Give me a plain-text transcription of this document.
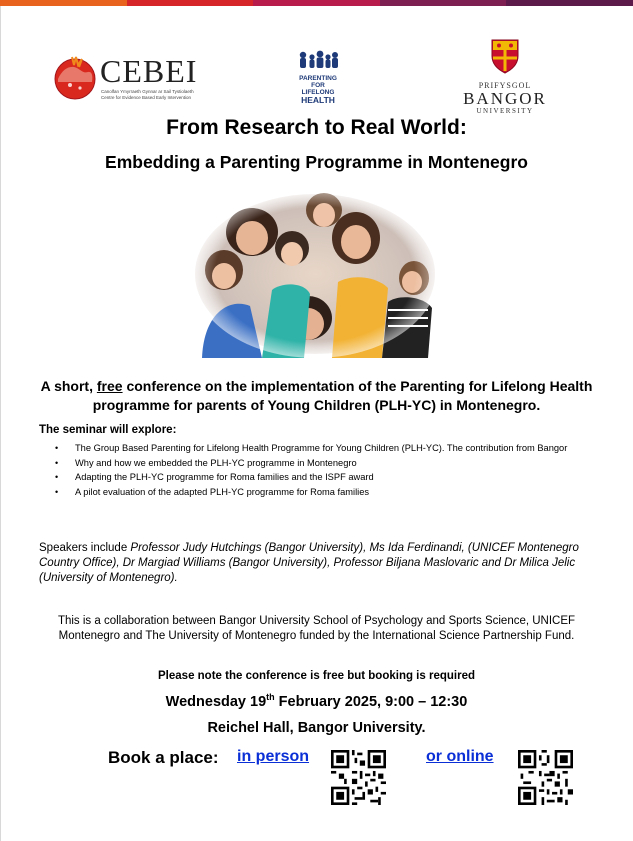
CEBEI
Canolfan Ymyrraeth Gynnar ar Sail Tystiolaeth
Centre for Evidence Based Early Intervention
PARENTING
FOR LIFELONG
HEALTH
PRIFYSGOL
BANGOR
UNIVERSITY
From Research to Real World:
Embedding a Parenting Programme in Montenegro
A short, free conference on the implementation of the Parenting for Lifelong Health programme for parents of Young Children (PLH-YC) in Montenegro.
The seminar will explore:
• The Group Based Parenting for Lifelong Health Programme for Young Children (PLH-YC). The contribution from Bangor
• Why and how we embedded the PLH-YC programme in Montenegro
• Adapting the PLH-YC programme for Roma families and the ISPF award
• A pilot evaluation of the adapted PLH-YC programme for Roma families
Speakers include Professor Judy Hutchings (Bangor University), Ms Ida Ferdinandi, (UNICEF Montenegro Country Office), Dr Margiad Williams (Bangor University), Professor Biljana Maslovaric and Dr Milica Jelic (University of Montenegro).
This is a collaboration between Bangor University School of Psychology and Sports Science, UNICEF Montenegro and The University of Montenegro funded by the International Science Partnership Fund.
Please note the conference is free but booking is required
Wednesday 19th February 2025, 9:00 – 12:30
Reichel Hall, Bangor University.
Book a place: in person	or online
